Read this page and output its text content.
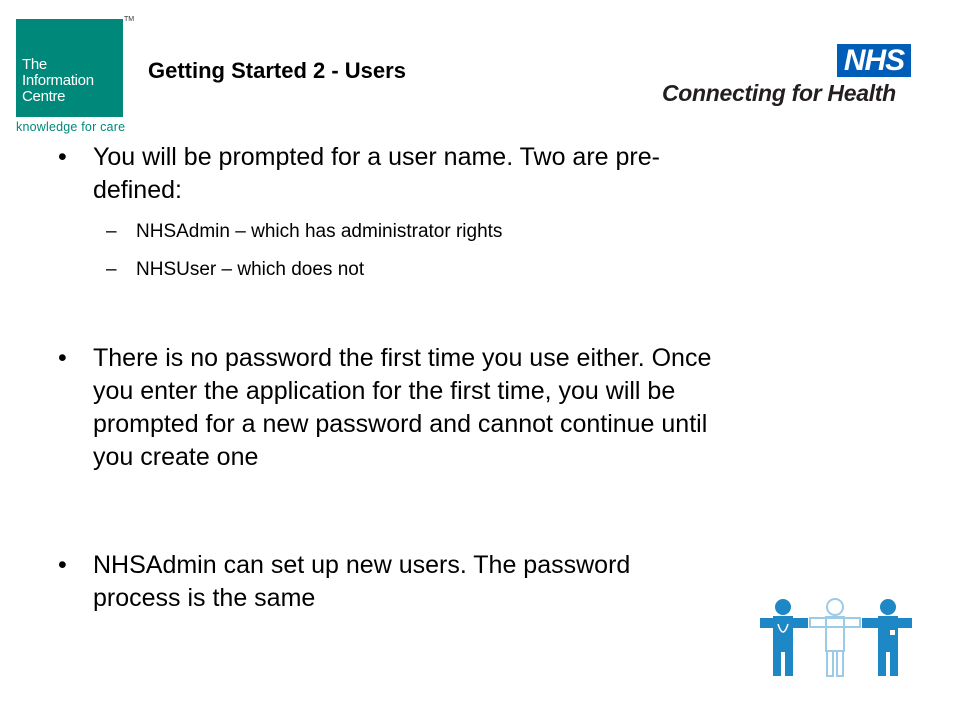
The
Information
Centre
TM
knowledge for care
Getting Started 2 - Users	NHS
Connecting for Health
• You will be prompted for a user name. Two are pre-
defined:
– NHSAdmin – which has administrator rights
– NHSUser – which does not
• There is no password the first time you use either. Once
you enter the application for the first time, you will be
prompted for a new password and cannot continue until
you create one
• NHSAdmin can set up new users. The password
process is the same
